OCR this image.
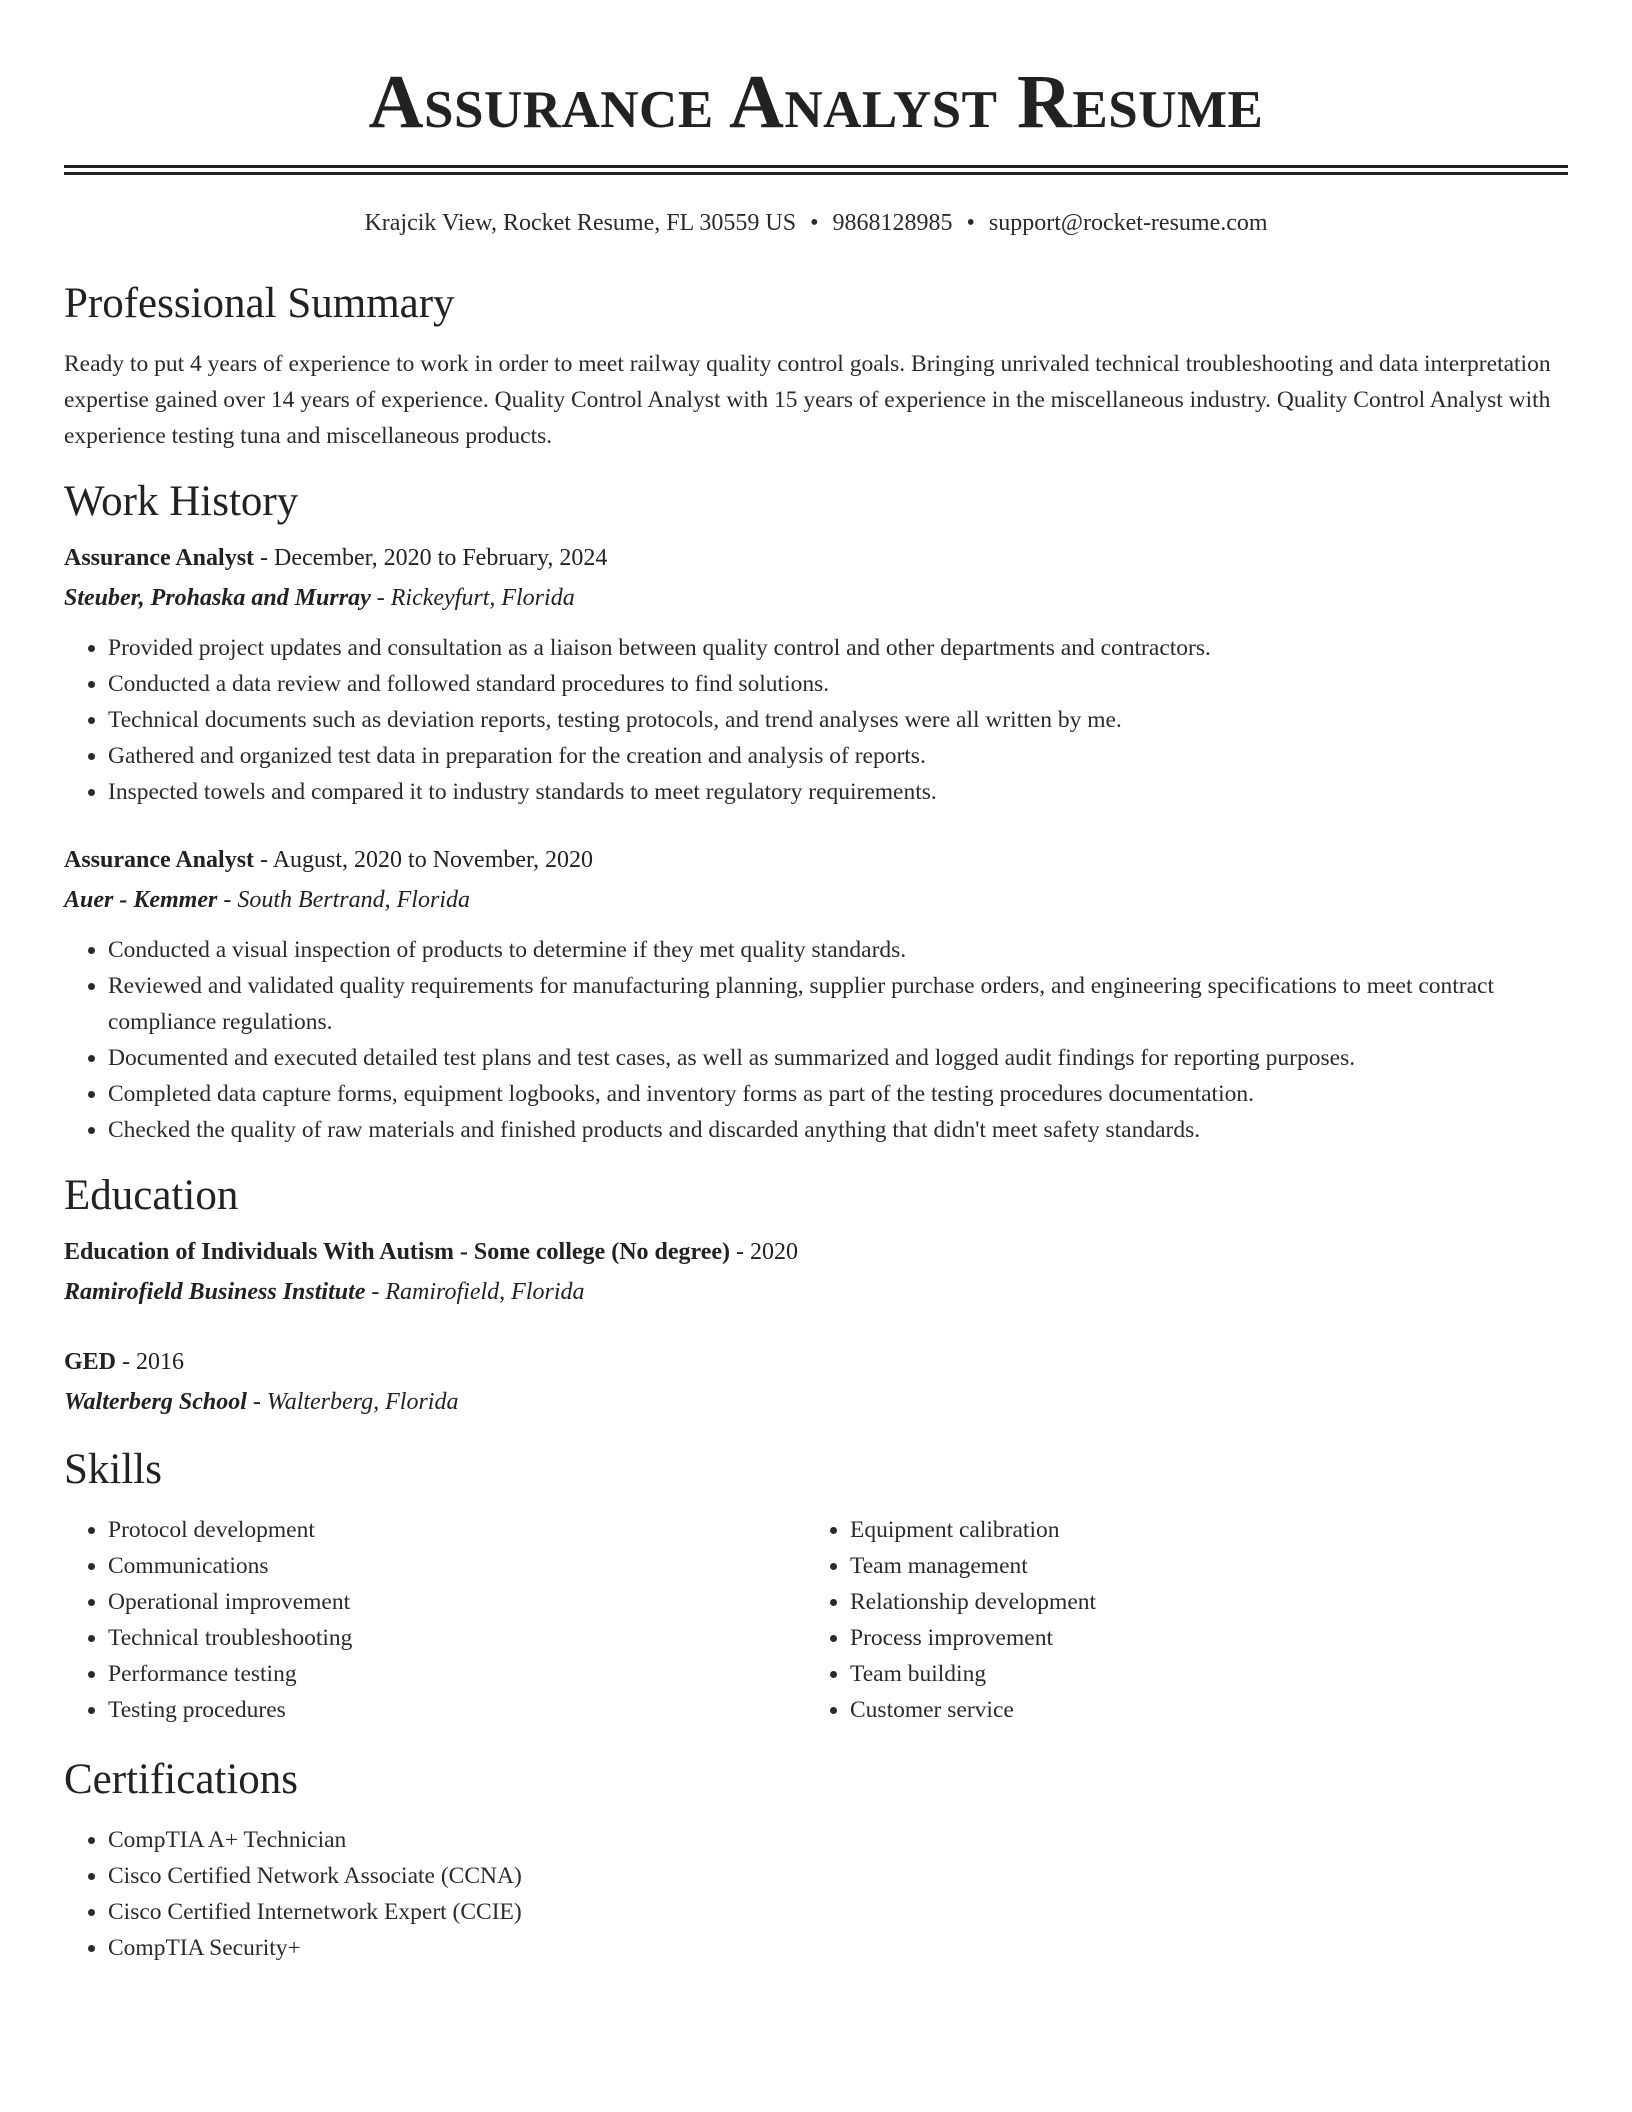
Assurance Analyst Resume
Krajcik View, Rocket Resume, FL 30559 US • 9868128985 • support@rocket-resume.com
Professional Summary

Ready to put 4 years of experience to work in order to meet railway quality control goals. Bringing unrivaled technical troubleshooting and data interpretation expertise gained over 14 years of experience. Quality Control Analyst with 15 years of experience in the miscellaneous industry. Quality Control Analyst with experience testing tuna and miscellaneous products.

Work History
Assurance Analyst - December, 2020 to February, 2024
Steuber, Prohaska and Murray - Rickeyfurt, Florida
• Provided project updates and consultation as a liaison between quality control and other departments and contractors.
• Conducted a data review and followed standard procedures to find solutions.
• Technical documents such as deviation reports, testing protocols, and trend analyses were all written by me.
• Gathered and organized test data in preparation for the creation and analysis of reports.
• Inspected towels and compared it to industry standards to meet regulatory requirements.
Assurance Analyst - August, 2020 to November, 2020
Auer - Kemmer - South Bertrand, Florida
• Conducted a visual inspection of products to determine if they met quality standards.
• Reviewed and validated quality requirements for manufacturing planning, supplier purchase orders, and engineering specifications to meet contract compliance regulations.
• Documented and executed detailed test plans and test cases, as well as summarized and logged audit findings for reporting purposes.
• Completed data capture forms, equipment logbooks, and inventory forms as part of the testing procedures documentation.
• Checked the quality of raw materials and finished products and discarded anything that didn't meet safety standards.
Education
Education of Individuals With Autism - Some college (No degree) - 2020
Ramirofield Business Institute - Ramirofield, Florida
GED - 2016
Walterberg School - Walterberg, Florida
Skills
• Protocol development
• Communications
• Operational improvement
• Technical troubleshooting
• Performance testing
• Testing procedures
• Equipment calibration
• Team management
• Relationship development
• Process improvement
• Team building
• Customer service
Certifications
• CompTIA A+ Technician
• Cisco Certified Network Associate (CCNA)
• Cisco Certified Internetwork Expert (CCIE)
• CompTIA Security+
